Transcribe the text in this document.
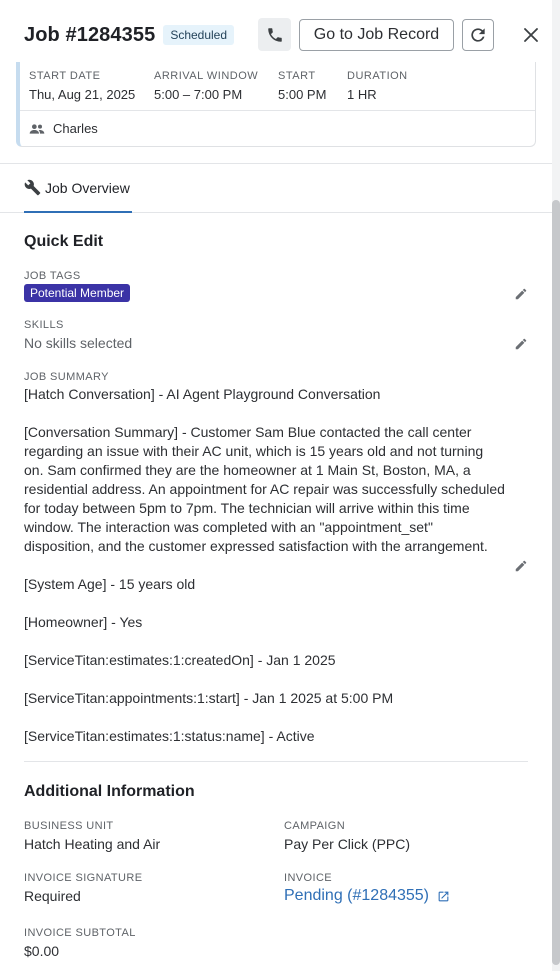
Job #1284355	Scheduled	Go to Job Record
START DATE
Thu, Aug 21, 2025
ARRIVAL WINDOW
5:00 – 7:00 PM
START
5:00 PM
DURATION
1 HR
Charles
Job Overview
Quick Edit
JOB TAGS
Potential Member
SKILLS
No skills selected
JOB SUMMARY
[Hatch Conversation] - AI Agent Playground Conversation
[Conversation Summary] - Customer Sam Blue contacted the call center
regarding an issue with their AC unit, which is 15 years old and not turning
on. Sam confirmed they are the homeowner at 1 Main St, Boston, MA, a
residential address. An appointment for AC repair was successfully scheduled
for today between 5pm to 7pm. The technician will arrive within this time
window. The interaction was completed with an "appointment_set"
disposition, and the customer expressed satisfaction with the arrangement.
[System Age] - 15 years old
[Homeowner] - Yes
[ServiceTitan:estimates:1:createdOn] - Jan 1 2025
[ServiceTitan:appointments:1:start] - Jan 1 2025 at 5:00 PM
[ServiceTitan:estimates:1:status:name] - Active
Additional Information
BUSINESS UNIT
Hatch Heating and Air
CAMPAIGN
Pay Per Click (PPC)
INVOICE SIGNATURE
Required
INVOICE
Pending (#1284355)
INVOICE SUBTOTAL
$0.00
